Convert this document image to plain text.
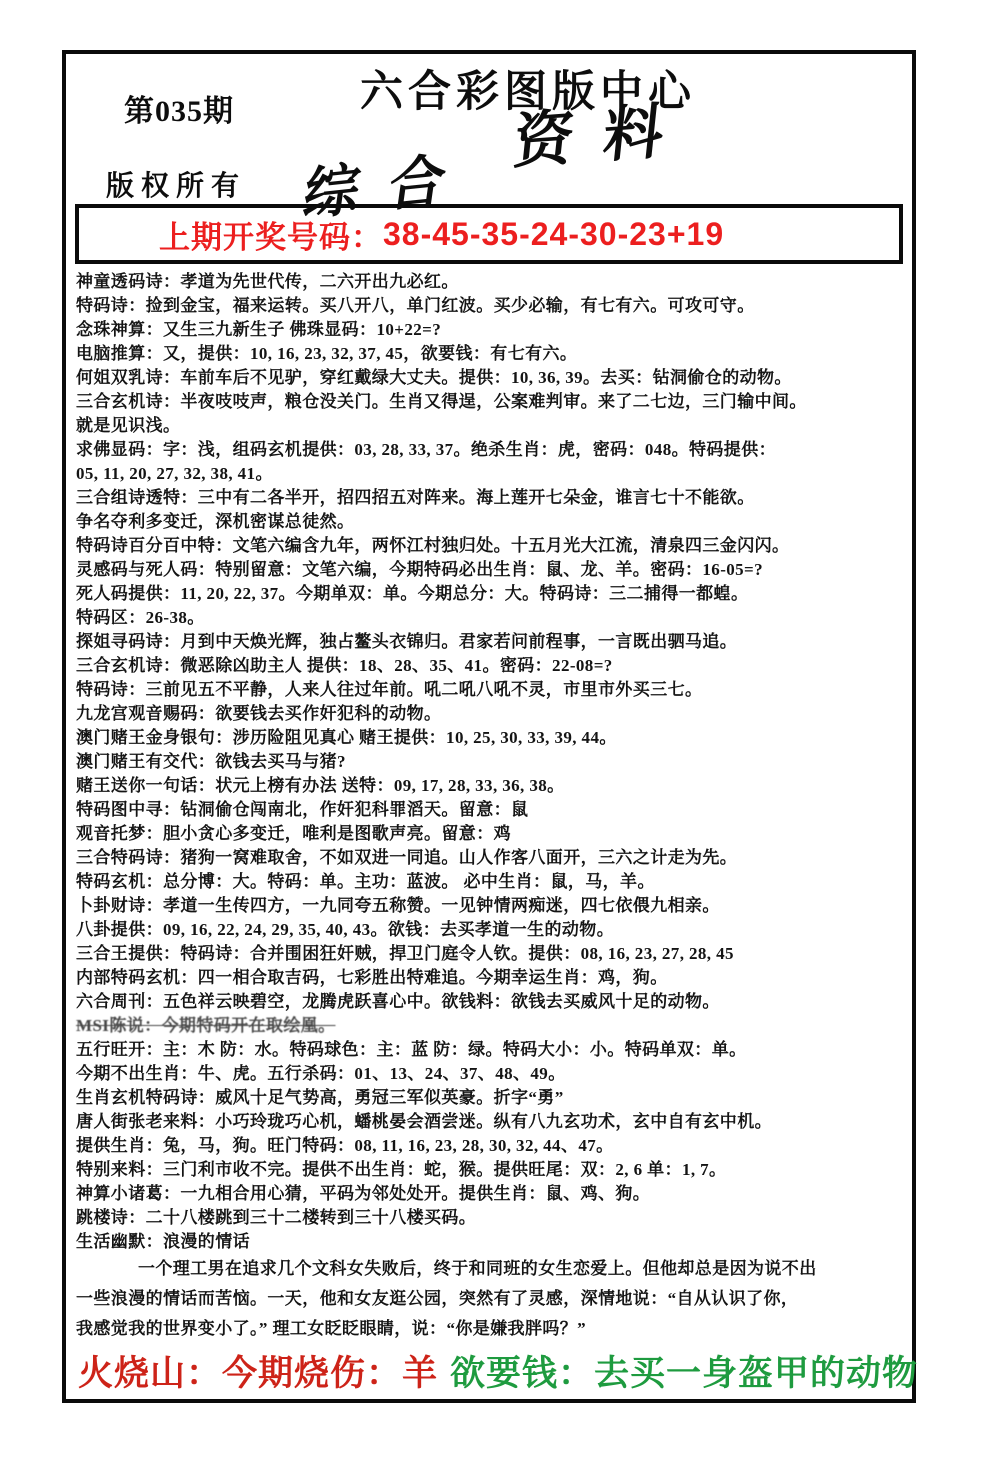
第035期	六合彩图版中心
综合
资料
版权所有
上期开奖号码： 38-45-35-24-30-23+19
神童透码诗：孝道为先世代传，二六开出九必红。
特码诗：捡到金宝，福来运转。买八开八，单门红波。买少必输，有七有六。可攻可守。
念珠神算：又生三九新生子 佛珠显码：10+22=?
电脑推算：又，提供：10, 16, 23, 32, 37, 45，欲要钱：有七有六。
何姐双乳诗：车前车后不见驴，穿红戴绿大丈夫。提供：10, 36, 39。去买：钻洞偷仓的动物。
三合玄机诗：半夜吱吱声，粮仓没关门。生肖又得逞，公案难判审。来了二七边，三门输中间。
就是见识浅。
求佛显码：字：浅，组码玄机提供：03, 28, 33, 37。绝杀生肖：虎，密码：048。特码提供：
05, 11, 20, 27, 32, 38, 41。
三合组诗透特：三中有二各半开，招四招五对阵来。海上莲开七朵金，谁言七十不能欲。
争名夺利多变迁，深机密谋总徒然。
特码诗百分百中特：文笔六编含九年，两怀江村独归处。十五月光大江流，清泉四三金闪闪。
灵感码与死人码：特别留意：文笔六编，今期特码必出生肖：鼠、龙、羊。密码：16-05=?
死人码提供：11, 20, 22, 37。今期单双：单。今期总分：大。特码诗：三二捕得一都蝗。
特码区：26-38。
探姐寻码诗：月到中天焕光辉，独占鳌头衣锦归。君家若问前程事，一言既出驷马追。
三合玄机诗：微恶除凶助主人 提供：18、28、35、41。密码：22-08=?
特码诗：三前见五不平静，人来人往过年前。吼二吼八吼不灵，市里市外买三七。
九龙宫观音赐码：欲要钱去买作奸犯科的动物。
澳门赌王金身银句：涉历险阻见真心 赌王提供：10, 25, 30, 33, 39, 44。
澳门赌王有交代：欲钱去买马与猪?
赌王送你一句话：状元上榜有办法 送特：09, 17, 28, 33, 36, 38。
特码图中寻：钻洞偷仓闯南北，作奸犯科罪滔天。留意：鼠
观音托梦：胆小贪心多变迁，唯利是图歌声亮。留意：鸡
三合特码诗：猪狗一窝难取舍，不如双进一同追。山人作客八面开，三六之计走为先。
特码玄机：总分博：大。特码：单。主功：蓝波。 必中生肖：鼠，马，羊。
卜卦财诗：孝道一生传四方，一九同夸五称赞。一见钟情两痴迷，四七依偎九相亲。
八卦提供：09, 16, 22, 24, 29, 35, 40, 43。欲钱：去买孝道一生的动物。
三合王提供：特码诗：合并围困狂奸贼，捍卫门庭令人钦。提供：08, 16, 23, 27, 28, 45
内部特码玄机：四一相合取吉码，七彩胜出特难追。今期幸运生肖：鸡，狗。
六合周刊：五色祥云映碧空，龙腾虎跃喜心中。欲钱料：欲钱去买威风十足的动物。
MSI陈说：今期特码开在取绘凰。
五行旺开：主：木 防：水。特码球色：主：蓝 防：绿。特码大小：小。特码单双：单。
今期不出生肖：牛、虎。五行杀码：01、13、24、37、48、49。
生肖玄机特码诗：威风十足气势高，勇冠三军似英豪。折字“勇”
唐人街张老来料：小巧玲珑巧心机，蟠桃晏会酒尝迷。纵有八九玄功术，玄中自有玄中机。
提供生肖：兔，马，狗。旺门特码：08, 11, 16, 23, 28, 30, 32, 44、47。
特别来料：三门利市收不完。提供不出生肖：蛇，猴。提供旺尾：双：2, 6 单：1, 7。
神算小诸葛：一九相合用心猜，平码为邻处处开。提供生肖：鼠、鸡、狗。
跳楼诗：二十八楼跳到三十二楼转到三十八楼买码。
生活幽默：浪漫的情话
一个理工男在追求几个文科女失败后，终于和同班的女生恋爱上。但他却总是因为说不出
一些浪漫的情话而苦恼。一天，他和女友逛公园，突然有了灵感，深情地说：“自从认识了你，
我感觉我的世界变小了。” 理工女眨眨眼睛，说：“你是嫌我胖吗？”
火烧山：今期烧伤：羊 欲要钱：去买一身盔甲的动物
